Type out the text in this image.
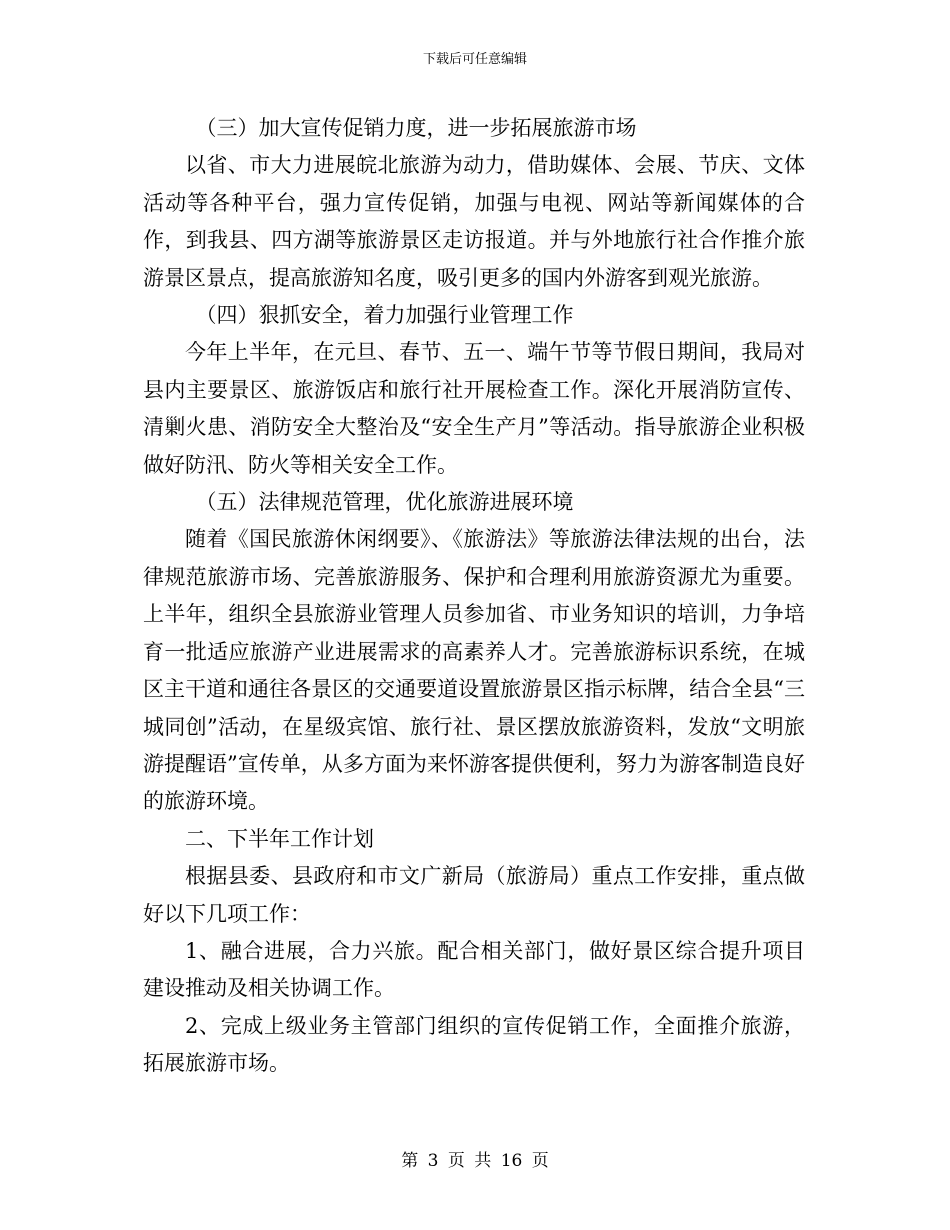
下载后可任意编辑

（三）加大宣传促销力度，进一步拓展旅游市场

以省、市大力进展皖北旅游为动力，借助媒体、会展、节庆、文体活动等各种平台，强力宣传促销，加强与电视、网站等新闻媒体的合作，到我县、四方湖等旅游景区走访报道。并与外地旅行社合作推介旅游景区景点，提高旅游知名度，吸引更多的国内外游客到观光旅游。

（四）狠抓安全，着力加强行业管理工作

今年上半年，在元旦、春节、五一、端午节等节假日期间，我局对县内主要景区、旅游饭店和旅行社开展检查工作。深化开展消防宣传、清剿火患、消防安全大整治及“安全生产月”等活动。指导旅游企业积极做好防汛、防火等相关安全工作。

（五）法律规范管理，优化旅游进展环境

随着《国民旅游休闲纲要》、《旅游法》等旅游法律法规的出台，法律规范旅游市场、完善旅游服务、保护和合理利用旅游资源尤为重要。上半年，组织全县旅游业管理人员参加省、市业务知识的培训，力争培育一批适应旅游产业进展需求的高素养人才。完善旅游标识系统，在城区主干道和通往各景区的交通要道设置旅游景区指示标牌，结合全县“三城同创”活动，在星级宾馆、旅行社、景区摆放旅游资料，发放“文明旅游提醒语”宣传单，从多方面为来怀游客提供便利，努力为游客制造良好的旅游环境。

二、下半年工作计划

根据县委、县政府和市文广新局（旅游局）重点工作安排，重点做好以下几项工作：

1、融合进展，合力兴旅。配合相关部门，做好景区综合提升项目建设推动及相关协调工作。

2、完成上级业务主管部门组织的宣传促销工作，全面推介旅游，拓展旅游市场。

第 3 页 共 16 页
